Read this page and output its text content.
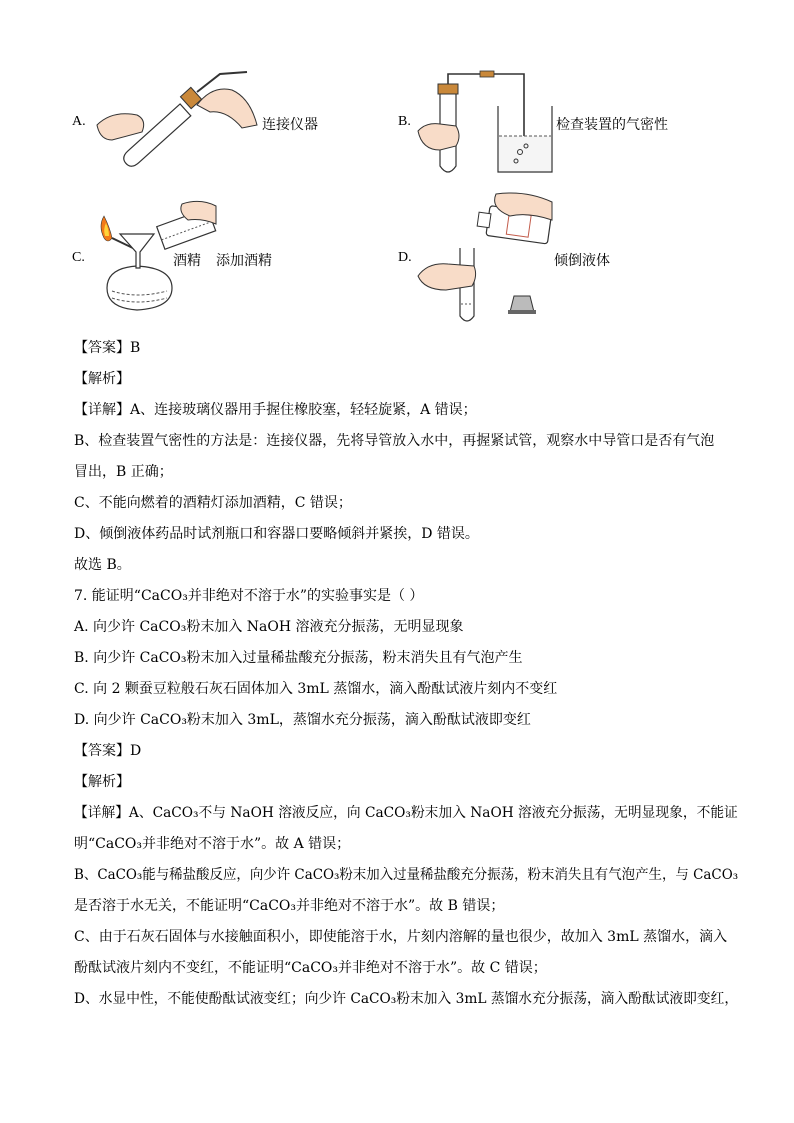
A.	连接仪器	B.	检查装置的气密性
C.	酒精 添加酒精	D.	倾倒液体
【答案】B
【解析】
【详解】A、连接玻璃仪器用手握住橡胶塞，轻轻旋紧，A 错误；
B、检查装置气密性的方法是：连接仪器，先将导管放入水中，再握紧试管，观察水中导管口是否有气泡
冒出，B 正确；
C、不能向燃着的酒精灯添加酒精，C 错误；
D、倾倒液体药品时试剂瓶口和容器口要略倾斜并紧挨，D 错误。
故选 B。
7. 能证明“CaCO₃并非绝对不溶于水”的实验事实是（ ）
A. 向少许 CaCO₃粉末加入 NaOH 溶液充分振荡，无明显现象
B. 向少许 CaCO₃粉末加入过量稀盐酸充分振荡，粉末消失且有气泡产生
C. 向 2 颗蚕豆粒般石灰石固体加入 3mL 蒸馏水，滴入酚酞试液片刻内不变红
D. 向少许 CaCO₃粉末加入 3mL，蒸馏水充分振荡，滴入酚酞试液即变红
【答案】D
【解析】
【详解】A、CaCO₃不与 NaOH 溶液反应，向 CaCO₃粉末加入 NaOH 溶液充分振荡，无明显现象，不能证
明“CaCO₃并非绝对不溶于水”。故 A 错误；
B、CaCO₃能与稀盐酸反应，向少许 CaCO₃粉末加入过量稀盐酸充分振荡，粉末消失且有气泡产生，与 CaCO₃
是否溶于水无关，不能证明“CaCO₃并非绝对不溶于水”。故 B 错误；
C、由于石灰石固体与水接触面积小，即使能溶于水，片刻内溶解的量也很少，故加入 3mL 蒸馏水，滴入
酚酞试液片刻内不变红，不能证明“CaCO₃并非绝对不溶于水”。故 C 错误；
D、水显中性，不能使酚酞试液变红；向少许 CaCO₃粉末加入 3mL 蒸馏水充分振荡，滴入酚酞试液即变红，
